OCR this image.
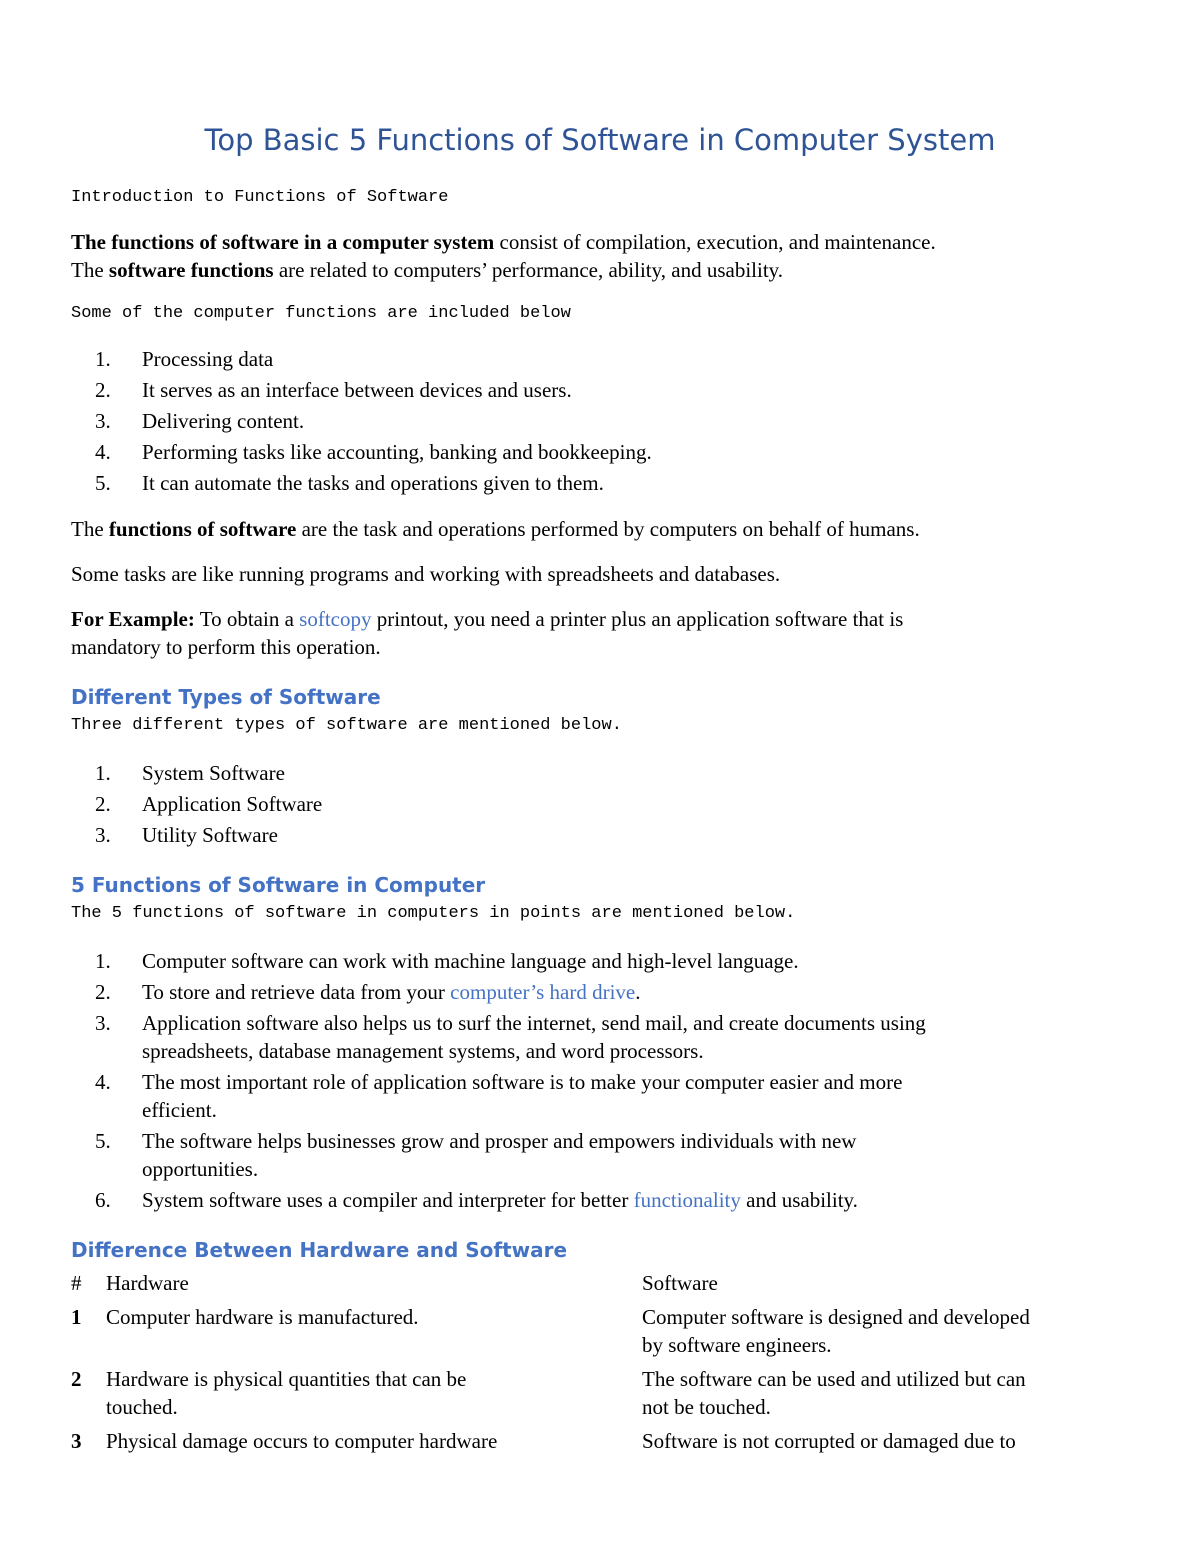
Top Basic 5 Functions of Software in Computer System

Introduction to Functions of Software

The functions of software in a computer system consist of compilation, execution, and maintenance.

The software functions are related to computers’ performance, ability, and usability.

Some of the computer functions are included below

1. Processing data
2. It serves as an interface between devices and users.
3. Delivering content.
4. Performing tasks like accounting, banking and bookkeeping.
5. It can automate the tasks and operations given to them.

The functions of software are the task and operations performed by computers on behalf of humans.

Some tasks are like running programs and working with spreadsheets and databases.

For Example: To obtain a softcopy printout, you need a printer plus an application software that is

mandatory to perform this operation.

Different Types of Software

Three different types of software are mentioned below.

1. System Software
2. Application Software
3. Utility Software
5 Functions of Software in Computer

The 5 functions of software in computers in points are mentioned below.

1. Computer software can work with machine language and high-level language.
2. To store and retrieve data from your computer’s hard drive.
3. Application software also helps us to surf the internet, send mail, and create documents using
spreadsheets, database management systems, and word processors.
4. The most important role of application software is to make your computer easier and more
efficient.
5. The software helps businesses grow and prosper and empowers individuals with new
opportunities.
6. System software uses a compiler and interpreter for better functionality and usability.
Difference Between Hardware and Software
#	Hardware	Software
1	Computer hardware is manufactured.	Computer software is designed and developed
by software engineers.
2	Hardware is physical quantities that can be
touched.	The software can be used and utilized but can
not be touched.
3	Physical damage occurs to computer hardware	Software is not corrupted or damaged due to
